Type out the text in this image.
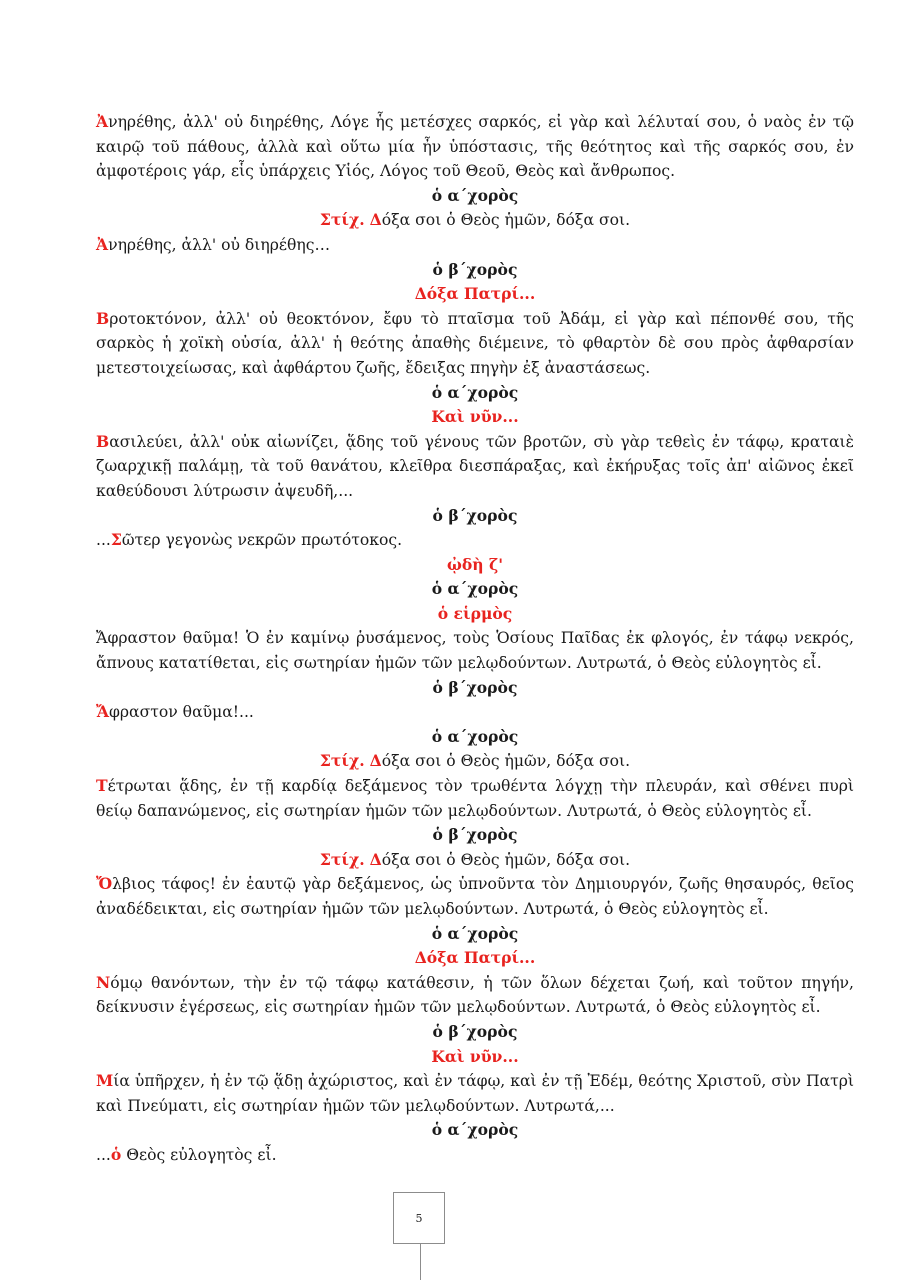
Ἀνηρέθης, ἀλλ' οὐ διηρέθης, Λόγε ἧς μετέσχες σαρκός, εἰ γὰρ καὶ λέλυταί σου, ὁ ναὸς ἐν τῷ καιρῷ τοῦ πάθους, ἀλλὰ καὶ οὕτω μία ἦν ὑπόστασις, τῆς θεότητος καὶ τῆς σαρκός σου, ἐν ἀμφοτέροις γάρ, εἷς ὑπάρχεις Υἱός, Λόγος τοῦ Θεοῦ, Θεὸς καὶ ἄνθρωπος.
ὁ α΄χορὸς
Στίχ. Δόξα σοι ὁ Θεὸς ἡμῶν, δόξα σοι.
Ἀνηρέθης, ἀλλ' οὐ διηρέθης…
ὁ β΄χορὸς
Δόξα Πατρί...
Βροτοκτόνον, ἀλλ' οὐ θεοκτόνον, ἔφυ τὸ πταῖσμα τοῦ Ἀδάμ, εἰ γὰρ καὶ πέπονθέ σου, τῆς σαρκὸς ἡ χοϊκὴ οὐσία, ἀλλ' ἡ θεότης ἀπαθὴς διέμεινε, τὸ φθαρτὸν δὲ σου πρὸς ἀφθαρσίαν μετεστοιχείωσας, καὶ ἀφθάρτου ζωῆς, ἔδειξας πηγὴν ἐξ ἀναστάσεως.
ὁ α΄χορὸς
Καὶ νῦν...
Βασιλεύει, ἀλλ' οὐκ αἰωνίζει, ᾅδης τοῦ γένους τῶν βροτῶν, σὺ γὰρ τεθεὶς ἐν τάφῳ, κραταιὲ ζωαρχικῇ παλάμῃ, τὰ τοῦ θανάτου, κλεῖθρα διεσπάραξας, καὶ ἐκήρυξας τοῖς ἀπ' αἰῶνος ἐκεῖ καθεύδουσι λύτρωσιν ἀψευδῆ,...
ὁ β΄χορὸς
...Σῶτερ γεγονὼς νεκρῶν πρωτότοκος.
ᾠδὴ ζ'
ὁ α΄χορὸς
ὁ εἱρμὸς
Ἄφραστον θαῦμα! Ὁ ἐν καμίνῳ ῥυσάμενος, τοὺς Ὁσίους Παῖδας ἐκ φλογός, ἐν τάφῳ νεκρός, ἄπνους κατατίθεται, εἰς σωτηρίαν ἡμῶν τῶν μελῳδούντων. Λυτρωτά, ὁ Θεὸς εὐλογητὸς εἶ.
ὁ β΄χορὸς
Ἄφραστον θαῦμα!...
ὁ α΄χορὸς
Στίχ. Δόξα σοι ὁ Θεὸς ἡμῶν, δόξα σοι.
Τέτρωται ᾅδης, ἐν τῇ καρδίᾳ δεξάμενος τὸν τρωθέντα λόγχῃ τὴν πλευράν, καὶ σθένει πυρὶ θείῳ δαπανώμενος, εἰς σωτηρίαν ἡμῶν τῶν μελῳδούντων. Λυτρωτά, ὁ Θεὸς εὐλογητὸς εἶ.
ὁ β΄χορὸς
Στίχ. Δόξα σοι ὁ Θεὸς ἡμῶν, δόξα σοι.
Ὄλβιος τάφος! ἐν ἑαυτῷ γὰρ δεξάμενος, ὡς ὑπνοῦντα τὸν Δημιουργόν, ζωῆς θησαυρός, θεῖος ἀναδέδεικται, εἰς σωτηρίαν ἡμῶν τῶν μελῳδούντων. Λυτρωτά, ὁ Θεὸς εὐλογητὸς εἶ.
ὁ α΄χορὸς
Δόξα Πατρί...
Νόμῳ θανόντων, τὴν ἐν τῷ τάφῳ κατάθεσιν, ἡ τῶν ὅλων δέχεται ζωή, καὶ τοῦτον πηγήν, δείκνυσιν ἐγέρσεως, εἰς σωτηρίαν ἡμῶν τῶν μελῳδούντων. Λυτρωτά, ὁ Θεὸς εὐλογητὸς εἶ.
ὁ β΄χορὸς
Καὶ νῦν...
Μία ὑπῆρχεν, ἡ ἐν τῷ ᾅδῃ ἀχώριστος, καὶ ἐν τάφῳ, καὶ ἐν τῇ Ἐδέμ, θεότης Χριστοῦ, σὺν Πατρὶ καὶ Πνεύματι, εἰς σωτηρίαν ἡμῶν τῶν μελῳδούντων. Λυτρωτά,...
ὁ α΄χορὸς
...ὁ Θεὸς εὐλογητὸς εἶ.
5
